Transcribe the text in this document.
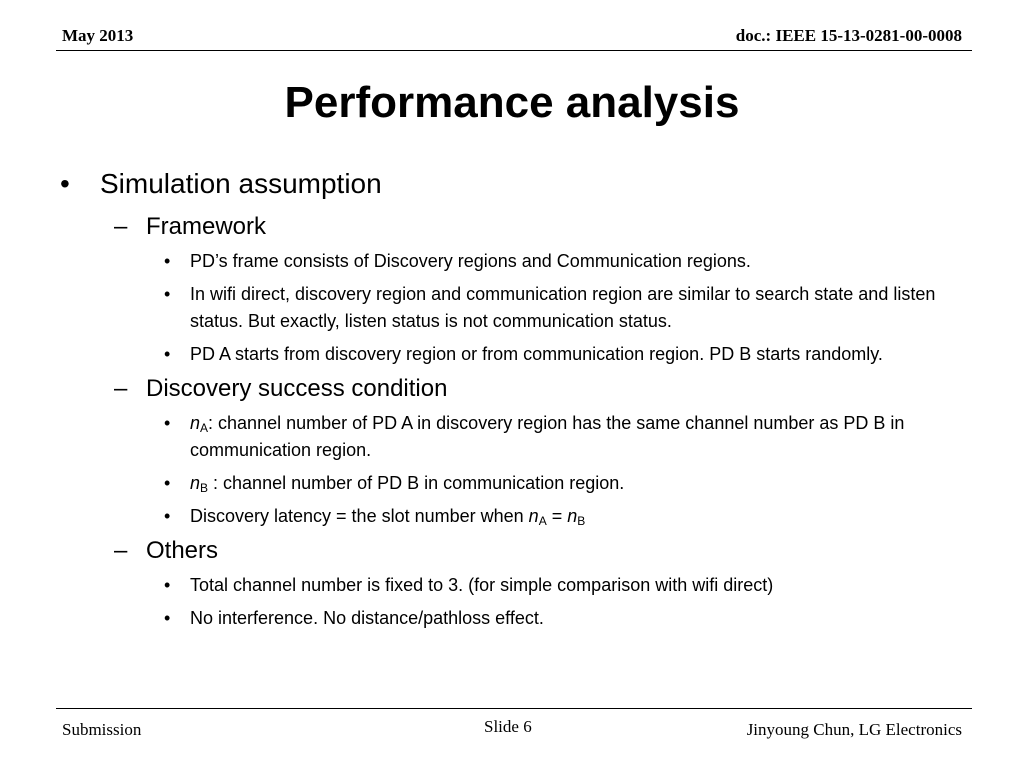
May 2013	doc.: IEEE 15-13-0281-00-0008
Performance analysis
• Simulation assumption
– Framework
• PD’s frame consists of Discovery regions and Communication regions.
• In wifi direct, discovery region and communication region are similar to search state and listen status. But exactly, listen status is not communication status.
• PD A starts from discovery region or from communication region. PD B starts randomly.
– Discovery success condition
• $n_A$: channel number of PD A in discovery region has the same channel number as PD B in communication region.
• $n_B$ : channel number of PD B in communication region.
• Discovery latency = the slot number when $n_A = n_B$
– Others
• Total channel number is fixed to 3. (for simple comparison with wifi direct)
• No interference. No distance/pathloss effect.
Submission	Slide 6	Jinyoung Chun, LG Electronics
